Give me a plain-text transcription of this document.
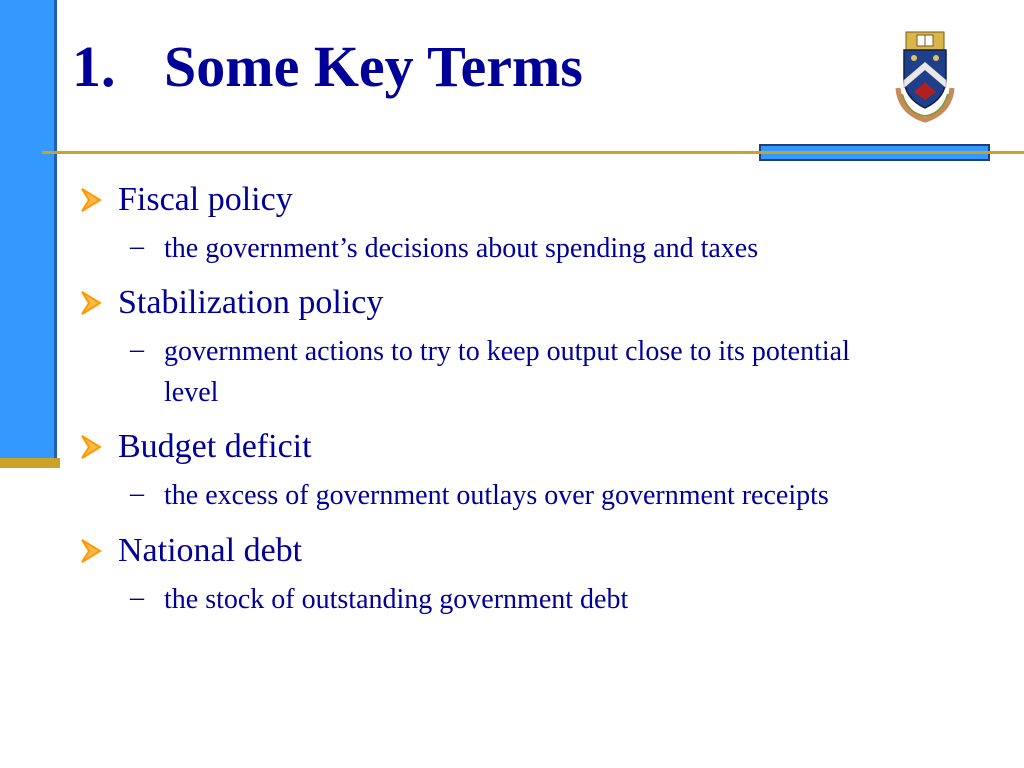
1. Some Key Terms
Fiscal policy
– the government’s decisions about spending and taxes
Stabilization policy
– government actions to try to keep output close to its potential level
Budget deficit
– the excess of government outlays over government receipts
National debt
– the stock of outstanding government debt
